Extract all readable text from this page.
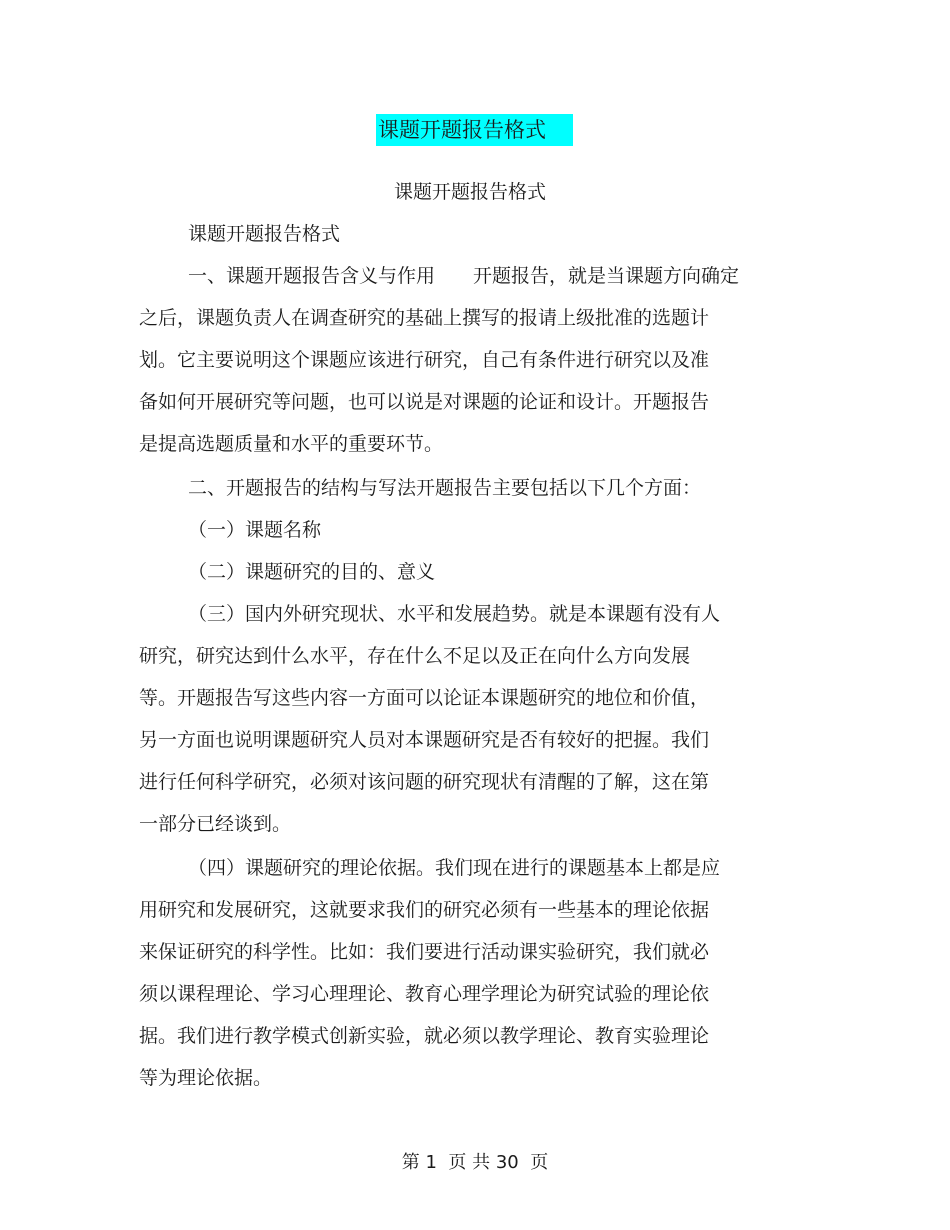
课题开题报告格式
课题开题报告格式
课题开题报告格式
一、课题开题报告含义与作用　　开题报告，就是当课题方向确定
之后，课题负责人在调查研究的基础上撰写的报请上级批准的选题计
划。它主要说明这个课题应该进行研究，自己有条件进行研究以及准
备如何开展研究等问题，也可以说是对课题的论证和设计。开题报告
是提高选题质量和水平的重要环节。
二、开题报告的结构与写法开题报告主要包括以下几个方面：
（一）课题名称
（二）课题研究的目的、意义
（三）国内外研究现状、水平和发展趋势。就是本课题有没有人
研究，研究达到什么水平，存在什么不足以及正在向什么方向发展
等。开题报告写这些内容一方面可以论证本课题研究的地位和价值，
另一方面也说明课题研究人员对本课题研究是否有较好的把握。我们
进行任何科学研究，必须对该问题的研究现状有清醒的了解，这在第
一部分已经谈到。
（四）课题研究的理论依据。我们现在进行的课题基本上都是应
用研究和发展研究，这就要求我们的研究必须有一些基本的理论依据
来保证研究的科学性。比如：我们要进行活动课实验研究，我们就必
须以课程理论、学习心理理论、教育心理学理论为研究试验的理论依
据。我们进行教学模式创新实验，就必须以教学理论、教育实验理论
等为理论依据。
第 1  页 共 30  页
